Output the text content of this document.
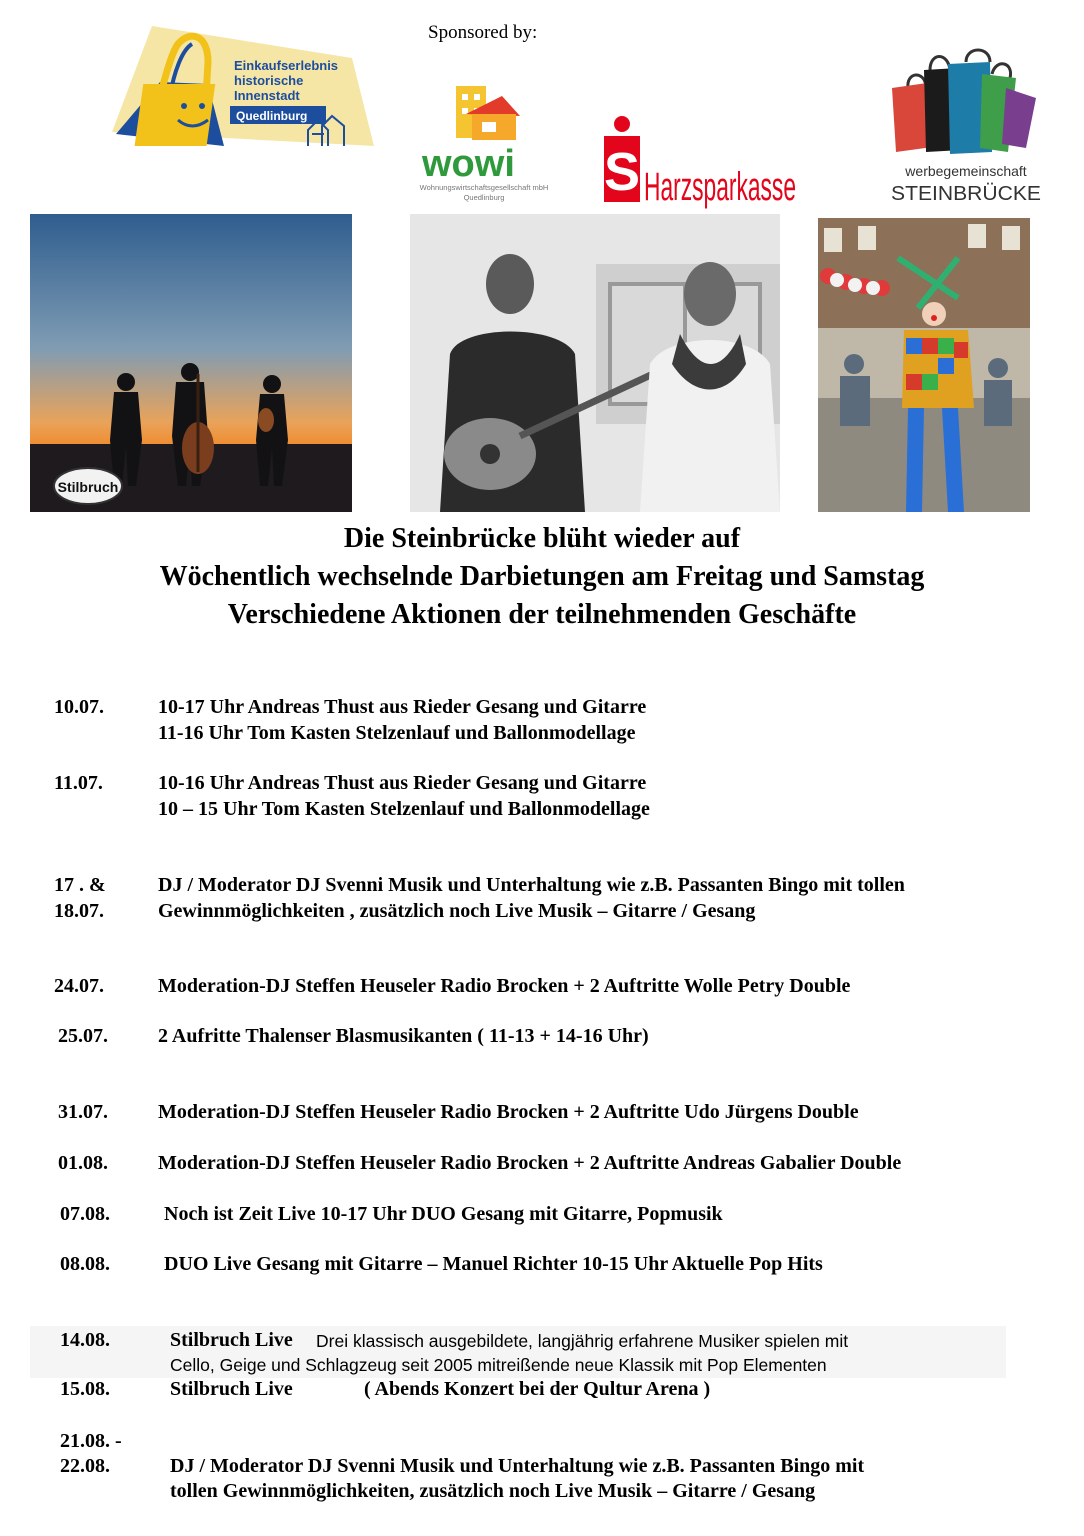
Sponsored by:
Einkaufserlebnis
historische
Innenstadt
Quedlinburg
wowi
Wohnungswirtschaftsgesellschaft mbH
Quedlinburg S Harzsparkasse	werbegemeinschaft
STEINBRÜCKE
Stilbruch
Die Steinbrücke blüht wieder auf
Wöchentlich wechselnde Darbietungen am Freitag und Samstag
Verschiedene Aktionen der teilnehmenden Geschäfte
10.07.	10-17 Uhr Andreas Thust aus Rieder Gesang und Gitarre
11-16 Uhr Tom Kasten Stelzenlauf und Ballonmodellage
11.07.	10-16 Uhr Andreas Thust aus Rieder Gesang und Gitarre
10 – 15 Uhr Tom Kasten Stelzenlauf und Ballonmodellage
17 . &
18.07.
DJ / Moderator DJ Svenni Musik und Unterhaltung wie z.B. Passanten Bingo mit tollen
Gewinnmöglichkeiten , zusätzlich noch Live Musik – Gitarre / Gesang
24.07.	Moderation-DJ Steffen Heuseler Radio Brocken + 2 Auftritte Wolle Petry Double
25.07.	2 Aufritte Thalenser Blasmusikanten ( 11-13 + 14-16 Uhr)
31.07.	Moderation-DJ Steffen Heuseler Radio Brocken + 2 Auftritte Udo Jürgens Double
01.08.	Moderation-DJ Steffen Heuseler Radio Brocken + 2 Auftritte Andreas Gabalier Double
07.08.	Noch ist Zeit Live 10-17 Uhr DUO Gesang mit Gitarre, Popmusik
08.08.	DUO Live Gesang mit Gitarre – Manuel Richter 10-15 Uhr Aktuelle Pop Hits
14.08.	Stilbruch Live Drei klassisch ausgebildete, langjährig erfahrene Musiker spielen mit
Cello, Geige und Schlagzeug seit 2005 mitreißende neue Klassik mit Pop Elementen
15.08.	Stilbruch Live	( Abends Konzert bei der Qultur Arena )
21.08. -
22.08.	DJ / Moderator DJ Svenni Musik und Unterhaltung wie z.B. Passanten Bingo mit
tollen Gewinnmöglichkeiten, zusätzlich noch Live Musik – Gitarre / Gesang
